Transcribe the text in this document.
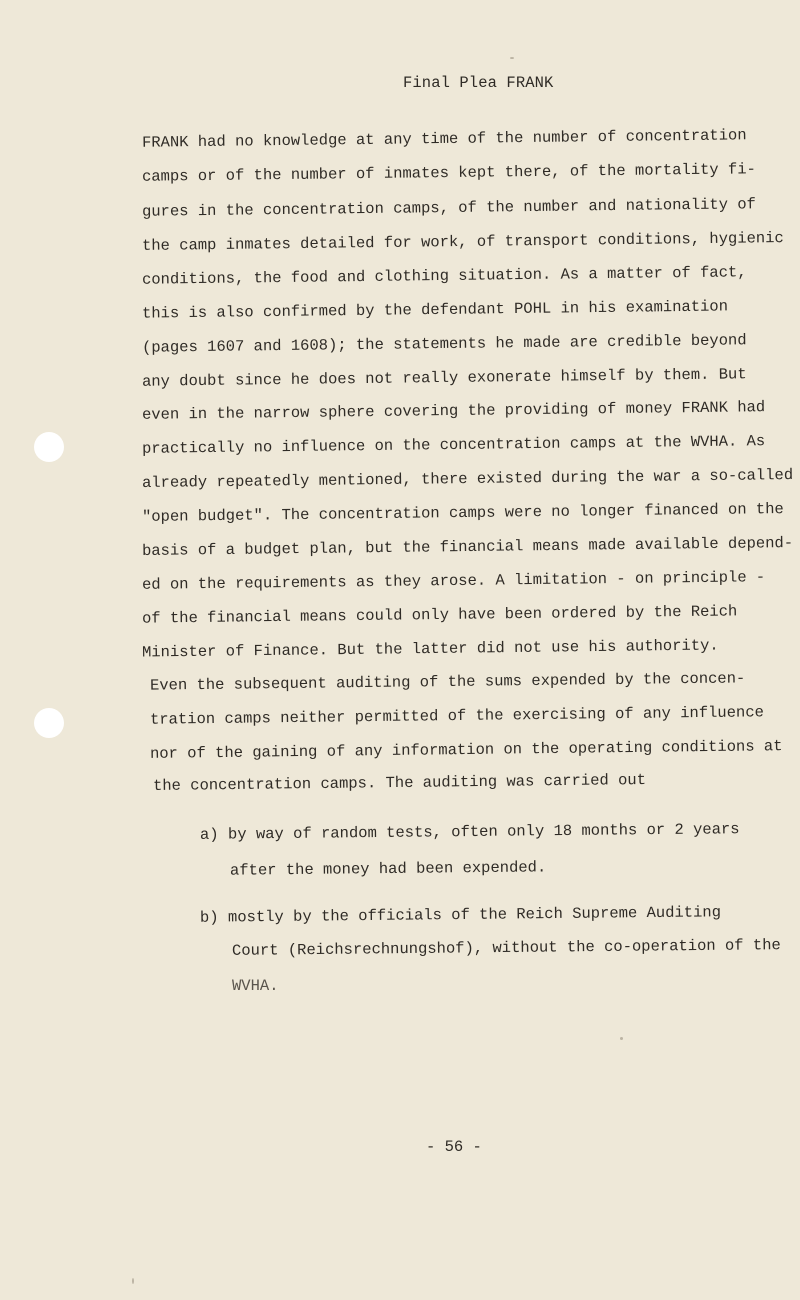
Final Plea FRANK
FRANK had no knowledge at any time of the number of concentration
camps or of the number of inmates kept there, of the mortality fi-
gures in the concentration camps, of the number and nationality of
the camp inmates detailed for work, of transport conditions, hygienic
conditions, the food and clothing situation. As a matter of fact,
this is also confirmed by the defendant POHL in his examination
(pages 1607 and 1608); the statements he made are credible beyond
any doubt since he does not really exonerate himself by them. But
even in the narrow sphere covering the providing of money FRANK had
practically no influence on the concentration camps at the WVHA. As
already repeatedly mentioned, there existed during the war a so-called
"open budget". The concentration camps were no longer financed on the
basis of a budget plan, but the financial means made available depend-
ed on the requirements as they arose. A limitation - on principle -
of the financial means could only have been ordered by the Reich
Minister of Finance. But the latter did not use his authority.
Even the subsequent auditing of the sums expended by the concen-
tration camps neither permitted of the exercising of any influence
nor of the gaining of any information on the operating conditions at
the concentration camps. The auditing was carried out
a) by way of random tests, often only 18 months or 2 years
after the money had been expended.
b) mostly by the officials of the Reich Supreme Auditing
Court (Reichsrechnungshof), without the co-operation of the
WVHA.
- 56 -
